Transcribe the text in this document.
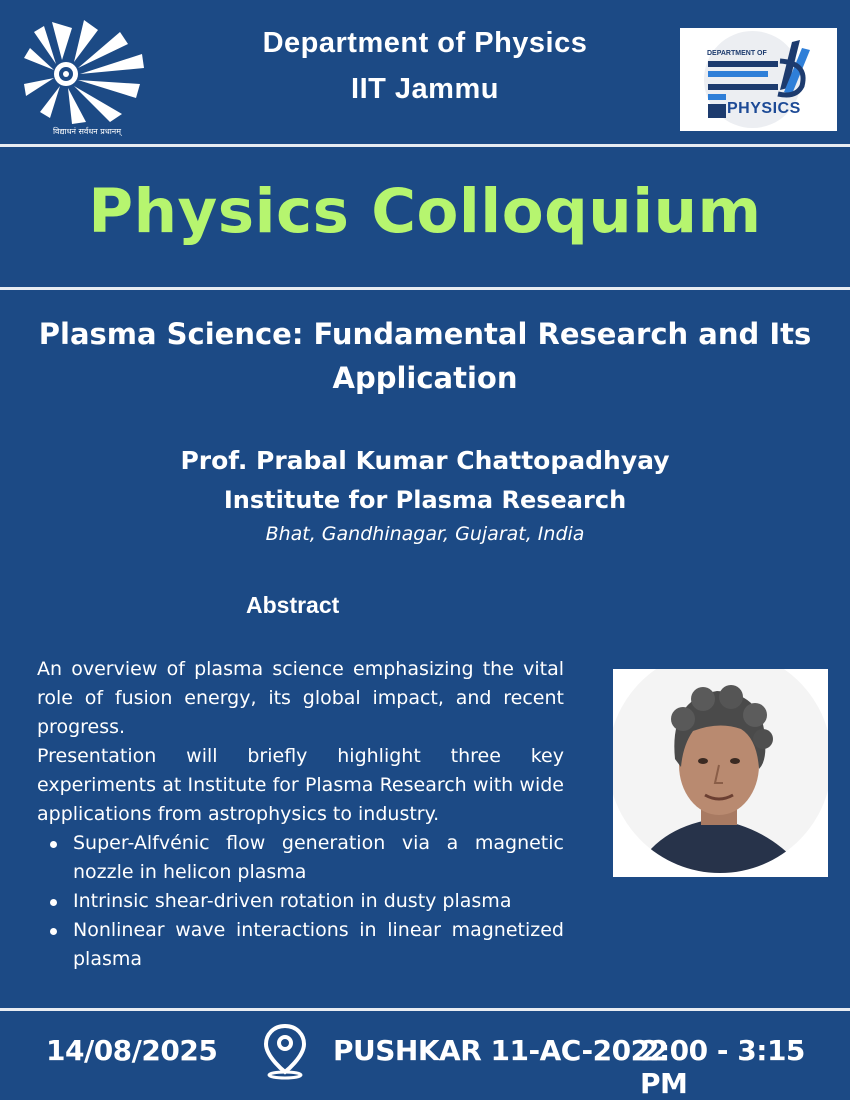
विद्याधनं सर्वधन प्रधानम्
Department of Physics
IIT Jammu
DEPARTMENT OF
PHYSICS
Physics Colloquium
Plasma Science: Fundamental Research and Its Application
Prof. Prabal Kumar Chattopadhyay
Institute for Plasma Research
Bhat, Gandhinagar, Gujarat, India
Abstract

An overview of plasma science emphasizing the vital role of fusion energy, its global impact, and recent progress.

Presentation will briefly highlight three key experiments at Institute for Plasma Research with wide applications from astrophysics to industry.

Super-Alfvénic flow generation via a magnetic nozzle in helicon plasma
Intrinsic shear-driven rotation in dusty plasma
Nonlinear wave interactions in linear magnetized plasma
14/08/2025	PUSHKAR 11-AC-2022
2:00 - 3:15 PM
